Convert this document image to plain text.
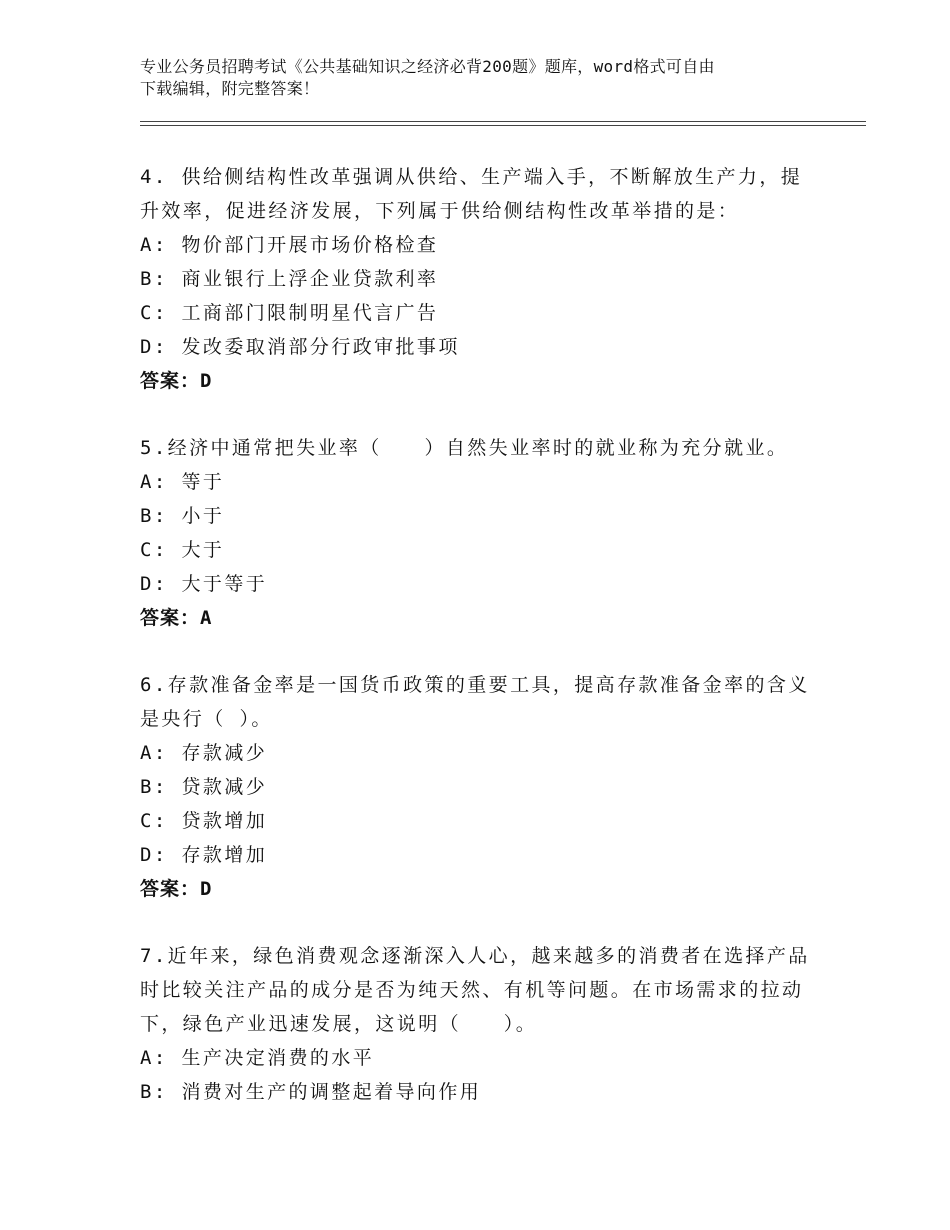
专业公务员招聘考试《公共基础知识之经济必背200题》题库，word格式可自由
下载编辑，附完整答案！
4. 供给侧结构性改革强调从供给、生产端入手，不断解放生产力，提升效率，促进经济发展，下列属于供给侧结构性改革举措的是：
A: 物价部门开展市场价格检查
B: 商业银行上浮企业贷款利率
C: 工商部门限制明星代言广告
D: 发改委取消部分行政审批事项
答案：D
5.经济中通常把失业率（　　）自然失业率时的就业称为充分就业。
A: 等于
B: 小于
C: 大于
D: 大于等于
答案：A
6.存款准备金率是一国货币政策的重要工具，提高存款准备金率的含义是央行（ ）。
A: 存款减少
B: 贷款减少
C: 贷款增加
D: 存款增加
答案：D
7.近年来，绿色消费观念逐渐深入人心，越来越多的消费者在选择产品时比较关注产品的成分是否为纯天然、有机等问题。在市场需求的拉动下，绿色产业迅速发展，这说明（　　）。
A: 生产决定消费的水平
B: 消费对生产的调整起着导向作用
